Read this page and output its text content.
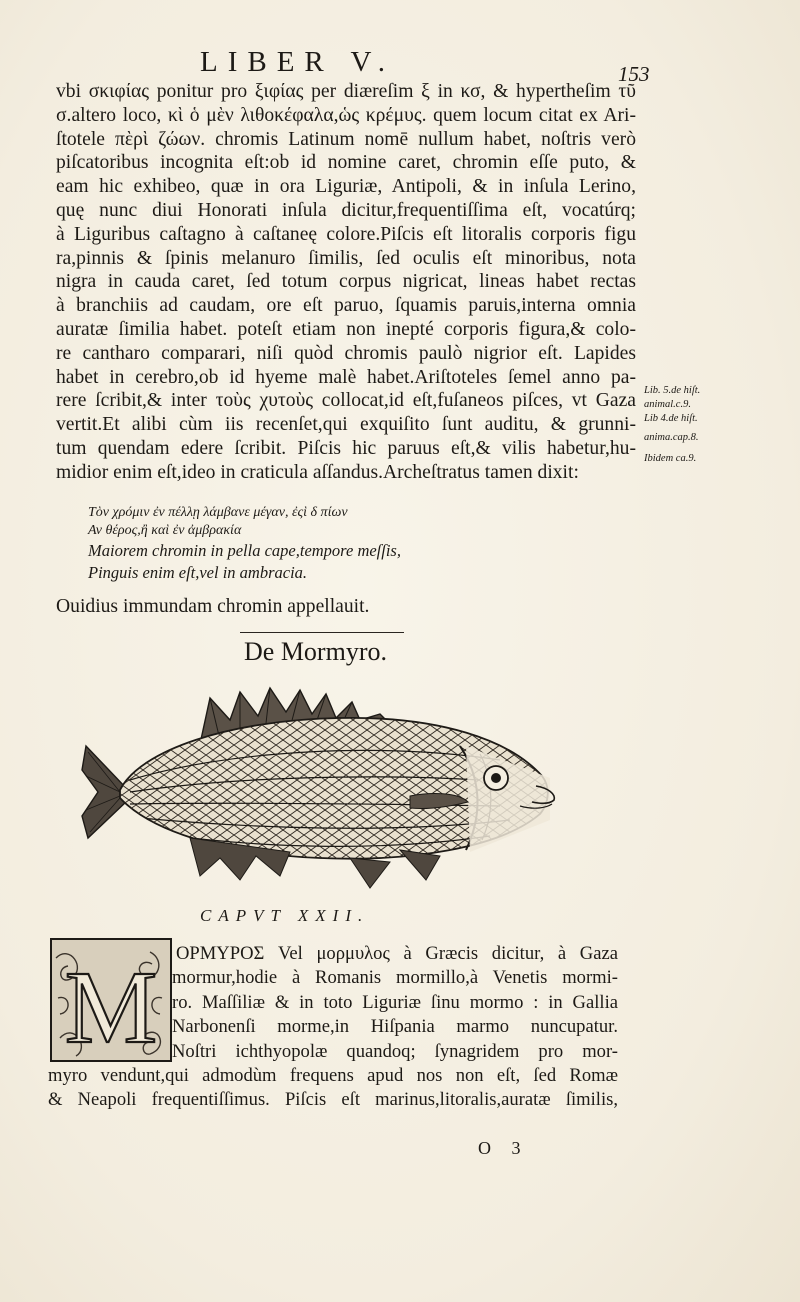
LIBER V.	153
vbi σκιφίας ponitur pro ξιφίας per diæreſim ξ in κσ, & hyperthеſim τῦ
σ.altero loco, κὶ ὁ μὲν λιθοκέφαλα,ὡς κρέμυς. quem locum citat ex Ari-
ſtotele πὲρὶ ζώων. chromis Latinum nomē nullum habet, noſtris verò
piſcatoribus incognita eſt:ob id nomine caret, chromin eſſe puto, &
eam hic exhibeo, quæ in ora Liguriæ, Antipoli, & in inſula Lerino,
quę nunc diui Honorati inſula dicitur,frequentiſſima eſt, vocatúrq;
à Liguribus caſtagno à caſtaneę colore.Piſcis eſt litoralis corporis figu
ra,pinnis & ſpinis melanuro ſimilis, ſed oculis eſt minoribus, nota
nigra in cauda caret, ſed totum corpus nigricat, lineas habet rectas
à branchiis ad caudam, ore eſt paruo, ſquamis paruis,interna omnia
auratæ ſimilia habet. poteſt etiam non inepté corporis figura,& colo-
re cantharo comparari, niſi quòd chromis paulò nigrior eſt. Lapides
habet in cerebro,ob id hyeme malè habet.Ariſtoteles ſemel anno pa-
rere ſcribit,& inter τοὺς χυτοὺς collocat,id eſt,fuſaneos piſces, vt Gaza
vertit.Et alibi cùm iis recenſet,qui exquiſito ſunt auditu, & grunni-
tum quendam edere ſcribit. Piſcis hic paruus eſt,& vilis habetur,hu-
midior enim eſt,ideo in craticula aſſandus.Archeſtratus tamen dixit:
Lib. 5.de hiſt.
animal.c.9.
Lib 4.de hiſt.
anima.cap.8.
Ibidem ca.9.
Τὸν χρόμιν ἐν πέλλῃ λάμβανε μέγαν, ἐςὶ δ πίων
Αν θέρος,ἢ καὶ ἐν ἀμβρακία
Maiorem chromin in pella cape,tempore meſſis,
Pinguis enim eſt,vel in ambracia.
Ouidius immundam chromin appellauit.
De Mormyro.
CAPVT XXII.
M	ΟΡΜΥΡΟΣ Vel μορμυλος à Græcis dicitur, à Gaza
mormur,hodie à Romanis mormillo,à Venetis mormi-
ro. Maſſiliæ & in toto Liguriæ ſinu mormo : in Gallia
Narbonenſi morme,in Hiſpania marmo nuncupatur.
Noſtri ichthyopolæ quandoq; ſynagridem pro mor-
myro vendunt,qui admodùm frequens apud nos non eſt, ſed Romæ
& Neapoli frequentiſſimus. Piſcis eſt marinus,litoralis,auratæ ſimilis,
O 3
